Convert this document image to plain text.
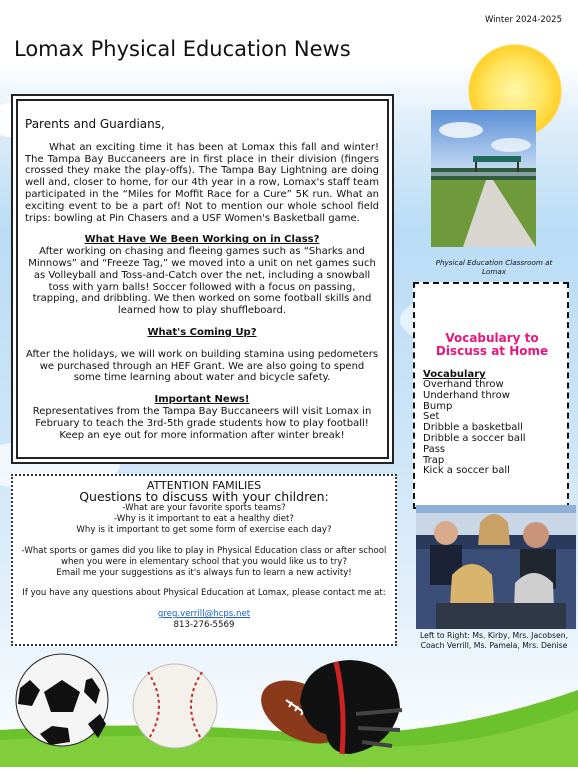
Winter 2024-2025
Lomax Physical Education News

Parents and Guardians,

What an exciting time it has been at Lomax this fall and winter! The Tampa Bay Buccaneers are in first place in their division (fingers crossed they make the play-offs). The Tampa Bay Lightning are doing well and, closer to home, for our 4th year in a row, Lomax's staff team participated in the “Miles for Moffit Race for a Cure” 5K run. What an exciting event to be a part of! Not to mention our whole school field trips: bowling at Pin Chasers and a USF Women's Basketball game.

What Have We Been Working on in Class?

After working on chasing and fleeing games such as “Sharks and Minnows” and “Freeze Tag,” we moved into a unit on net games such as Volleyball and Toss-and-Catch over the net, including a snowball toss with yarn balls! Soccer followed with a focus on passing, trapping, and dribbling. We then worked on some football skills and learned how to play shuffleboard.

What's Coming Up?

After the holidays, we will work on building stamina using pedometers we purchased through an HEF Grant. We are also going to spend some time learning about water and bicycle safety.

Important News!

Representatives from the Tampa Bay Buccaneers will visit Lomax in February to teach the 3rd-5th grade students how to play football! Keep an eye out for more information after winter break!

ATTENTION FAMILIES
Questions to discuss with your children:
-What are your favorite sports teams?
-Why is it important to eat a healthy diet?
Why is it important to get some form of exercise each day?
-What sports or games did you like to play in Physical Education class or after school when you were in elementary school that you would like us to try?
Email me your suggestions as it's always fun to learn a new activity!
If you have any questions about Physical Education at Lomax, please contact me at:
greg.verrill@hcps.net
813-276-5569
Physical Education Classroom at Lomax
Vocabulary to Discuss at Home
Vocabulary
Overhand throw
Underhand throw
Bump
Set
Dribble a basketball
Dribble a soccer ball
Pass
Trap
Kick a soccer ball
Left to Right: Ms. Kirby, Mrs. Jacobsen, Coach Verrill, Ms. Pamela, Mrs. Denise
